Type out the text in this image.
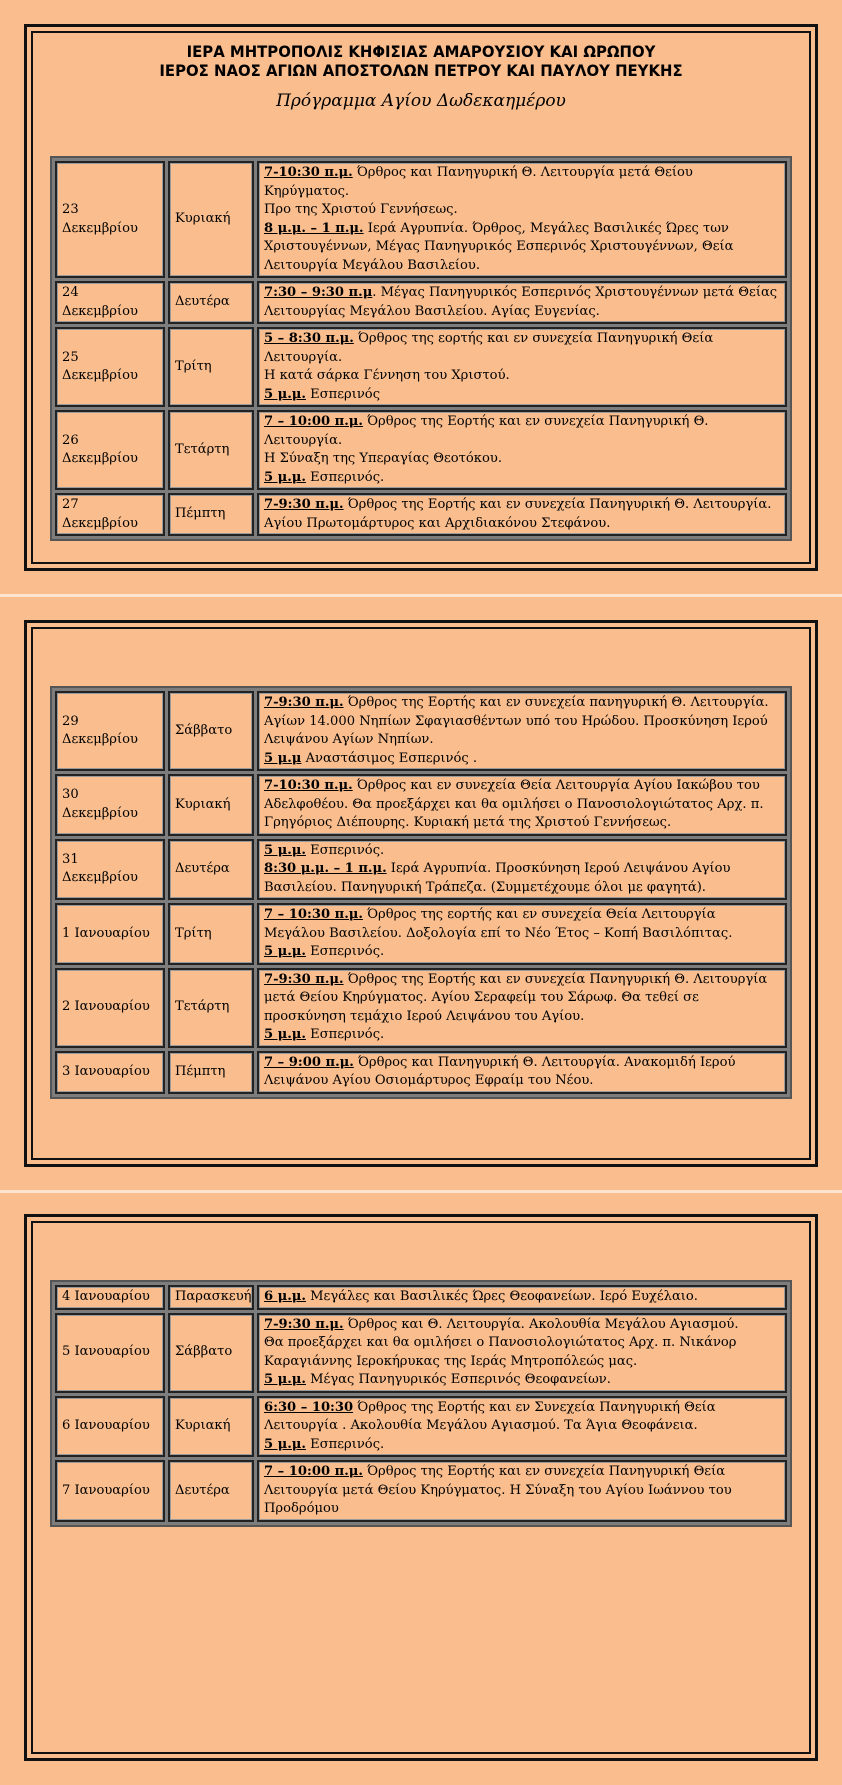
ΙΕΡΑ ΜΗΤΡΟΠΟΛΙΣ ΚΗΦΙΣΙΑΣ ΑΜΑΡΟΥΣΙΟΥ ΚΑΙ ΩΡΩΠΟΥ
ΙΕΡΟΣ ΝΑΟΣ ΑΓΙΩΝ ΑΠΟΣΤΟΛΩΝ ΠΕΤΡΟΥ ΚΑΙ ΠΑΥΛΟΥ ΠΕΥΚΗΣ
Πρόγραμμα Αγίου Δωδεκαημέρου
23 Δεκεμβρίου	Κυριακή	7-10:30 π.μ. Όρθρος και Πανηγυρική Θ. Λειτουργία μετά Θείου Κηρύγματος.
Προ της Χριστού Γεννήσεως.
8 μ.μ. – 1 π.μ. Ιερά Αγρυπνία. Όρθρος, Μεγάλες Βασιλικές Ώρες των Χριστουγέννων, Μέγας Πανηγυρικός Εσπερινός Χριστουγέννων, Θεία Λειτουργία Μεγάλου Βασιλείου.

24 Δεκεμβρίου	Δευτέρα	7:30 – 9:30 π.μ. Μέγας Πανηγυρικός Εσπερινός Χριστουγέννων μετά Θείας Λειτουργίας Μεγάλου Βασιλείου. Αγίας Ευγενίας.

25 Δεκεμβρίου	Τρίτη	5 – 8:30 π.μ. Όρθρος της εορτής και εν συνεχεία Πανηγυρική Θεία Λειτουργία.
Η κατά σάρκα Γέννηση του Χριστού.
5 μ.μ. Εσπερινός

26 Δεκεμβρίου	Τετάρτη	7 – 10:00 π.μ. Όρθρος της Εορτής και εν συνεχεία Πανηγυρική Θ. Λειτουργία.
Η Σύναξη της Υπεραγίας Θεοτόκου.
5 μ.μ. Εσπερινός.

27 Δεκεμβρίου	Πέμπτη	7-9:30 π.μ. Όρθρος της Εορτής και εν συνεχεία Πανηγυρική Θ. Λειτουργία.
Αγίου Πρωτομάρτυρος και Αρχιδιακόνου Στεφάνου.
29 Δεκεμβρίου	Σάββατο	7-9:30 π.μ. Όρθρος της Εορτής και εν συνεχεία πανηγυρική Θ. Λειτουργία.
Αγίων 14.000 Νηπίων Σφαγιασθέντων υπό του Ηρώδου. Προσκύνηση Ιερού Λειψάνου Αγίων Νηπίων.
5 μ.μ Αναστάσιμος Εσπερινός .

30 Δεκεμβρίου	Κυριακή	7-10:30 π.μ. Όρθρος και εν συνεχεία Θεία Λειτουργία Αγίου Ιακώβου του Αδελφοθέου. Θα προεξάρχει και θα ομιλήσει ο Πανοσιολογιώτατος Αρχ. π. Γρηγόριος Διέπουρης. Κυριακή μετά της Χριστού Γεννήσεως.

31 Δεκεμβρίου	Δευτέρα	5 μ.μ. Εσπερινός.
8:30 μ.μ. – 1 π.μ. Ιερά Αγρυπνία. Προσκύνηση Ιερού Λειψάνου Αγίου Βασιλείου. Πανηγυρική Τράπεζα. (Συμμετέχουμε όλοι με φαγητά).

1 Ιανουαρίου	Τρίτη	7 – 10:30 π.μ. Όρθρος της εορτής και εν συνεχεία Θεία Λειτουργία Μεγάλου Βασιλείου. Δοξολογία επί το Νέο Έτος – Κοπή Βασιλόπιτας.
5 μ.μ. Εσπερινός.

2 Ιανουαρίου	Τετάρτη	7-9:30 π.μ. Όρθρος της Εορτής και εν συνεχεία Πανηγυρική Θ. Λειτουργία μετά Θείου Κηρύγματος. Αγίου Σεραφείμ του Σάρωφ. Θα τεθεί σε προσκύνηση τεμάχιο Ιερού Λειψάνου του Αγίου.
5 μ.μ. Εσπερινός.

3 Ιανουαρίου	Πέμπτη	7 – 9:00 π.μ. Όρθρος και Πανηγυρική Θ. Λειτουργία. Ανακομιδή Ιερού Λειψάνου Αγίου Οσιομάρτυρος Εφραίμ του Νέου.
4 Ιανουαρίου	Παρασκευή	6 μ.μ. Μεγάλες και Βασιλικές Ώρες Θεοφανείων. Ιερό Ευχέλαιο.

5 Ιανουαρίου	Σάββατο	7-9:30 π.μ. Όρθρος και Θ. Λειτουργία. Ακολουθία Μεγάλου Αγιασμού.
Θα προεξάρχει και θα ομιλήσει ο Πανοσιολογιώτατος Αρχ. π. Νικάνορ Καραγιάννης Ιεροκήρυκας της Ιεράς Μητροπόλεώς μας.
5 μ.μ. Μέγας Πανηγυρικός Εσπερινός Θεοφανείων.

6 Ιανουαρίου	Κυριακή	6:30 – 10:30 Όρθρος της Εορτής και εν Συνεχεία Πανηγυρική Θεία Λειτουργία . Ακολουθία Μεγάλου Αγιασμού. Τα Άγια Θεοφάνεια.
5 μ.μ. Εσπερινός.

7 Ιανουαρίου	Δευτέρα	7 – 10:00 π.μ. Όρθρος της Εορτής και εν συνεχεία Πανηγυρική Θεία Λειτουργία μετά Θείου Κηρύγματος. Η Σύναξη του Αγίου Ιωάννου του Προδρόμου
